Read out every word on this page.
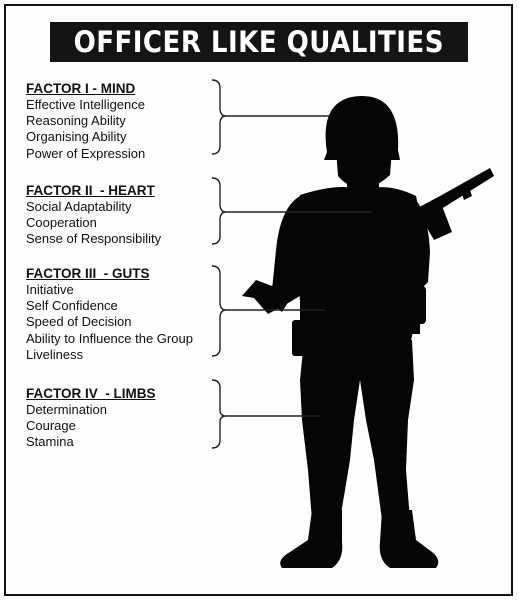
OFFICER LIKE QUALITIES
FACTOR I - MIND
Effective Intelligence
Reasoning Ability
Organising Ability
Power of Expression
FACTOR II  - HEART
Social Adaptability
Cooperation
Sense of Responsibility
FACTOR III  - GUTS
Initiative
Self Confidence
Speed of Decision
Ability to Influence the Group
Liveliness
FACTOR IV  - LIMBS
Determination
Courage
Stamina
